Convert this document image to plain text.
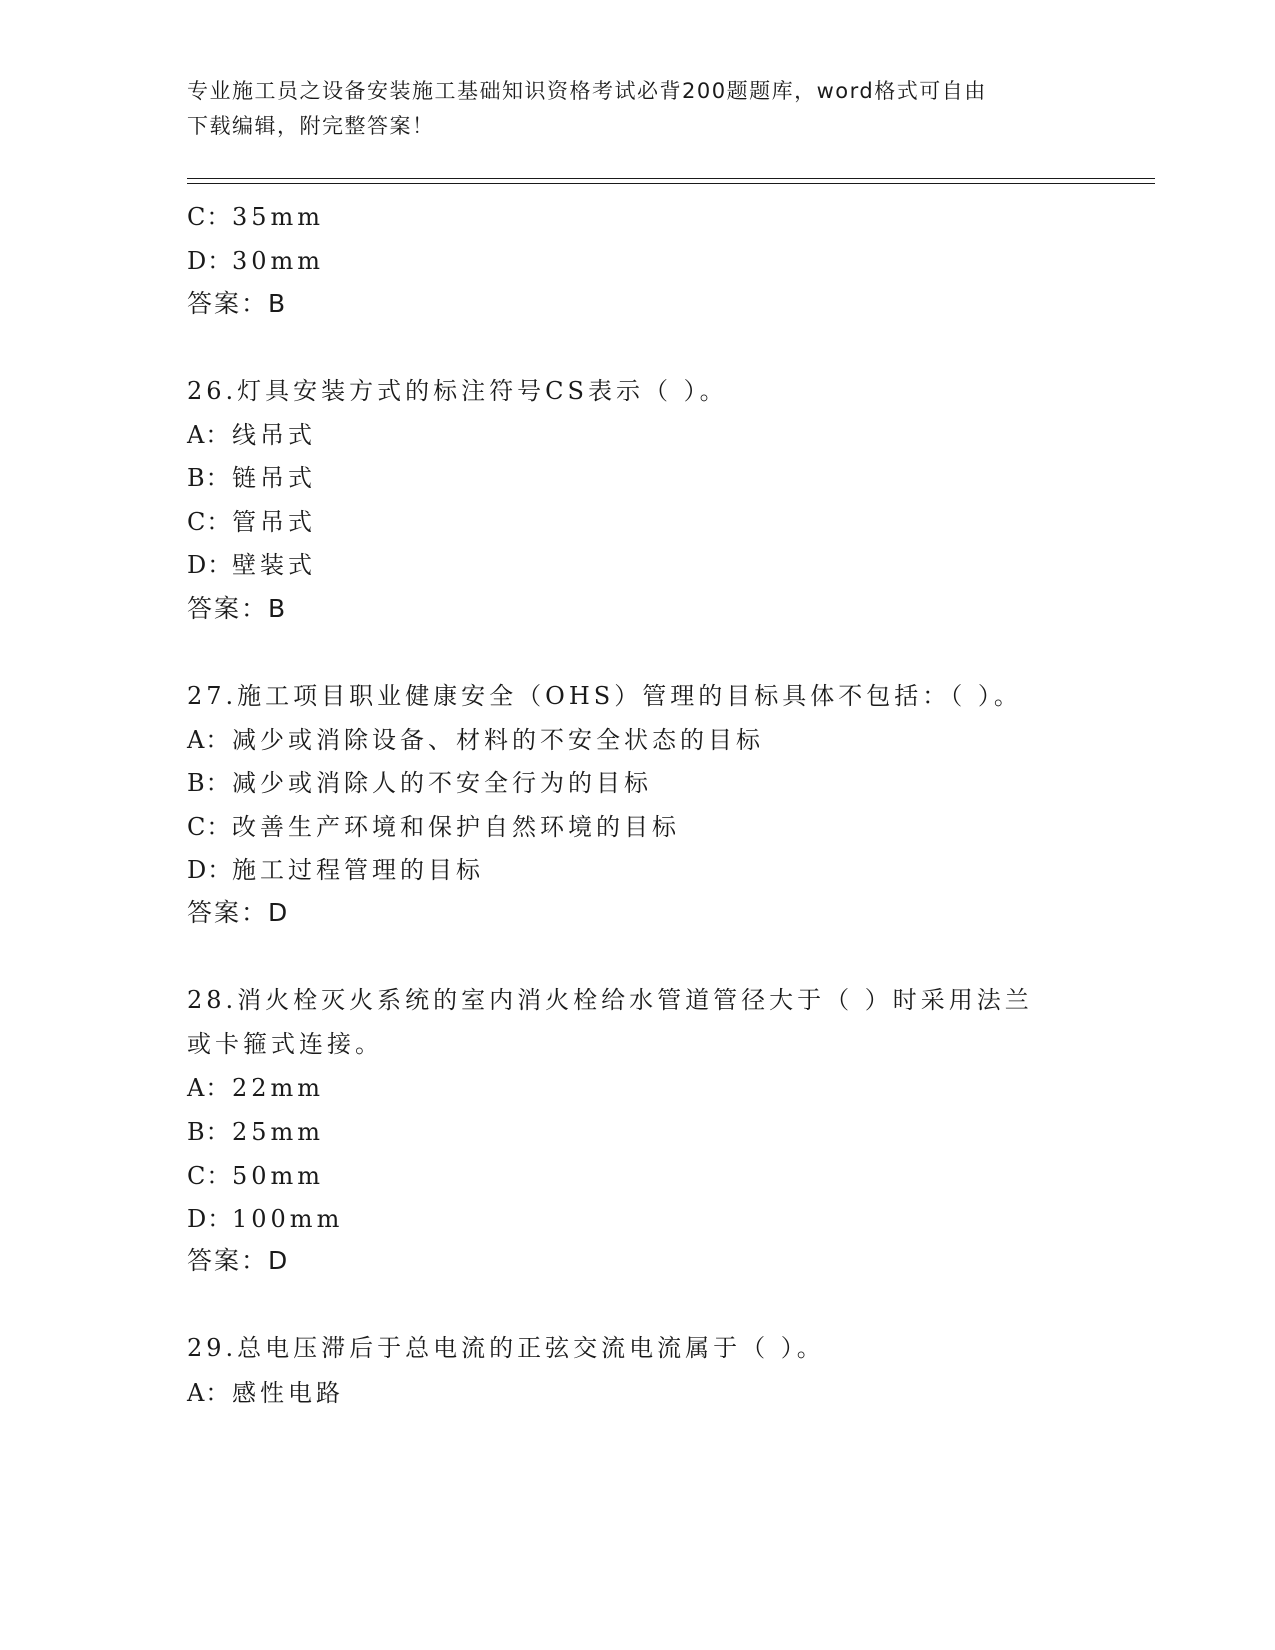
专业施工员之设备安装施工基础知识资格考试必背200题题库，word格式可自由
下载编辑，附完整答案！
C：35mm
D：30mm
答案：B
26.灯具安装方式的标注符号CS表示（ ）。
A：线吊式
B：链吊式
C：管吊式
D：壁装式
答案：B
27.施工项目职业健康安全（OHS）管理的目标具体不包括：（ ）。
A：减少或消除设备、材料的不安全状态的目标
B：减少或消除人的不安全行为的目标
C：改善生产环境和保护自然环境的目标
D：施工过程管理的目标
答案：D
28.消火栓灭火系统的室内消火栓给水管道管径大于（ ）时采用法兰
或卡箍式连接。
A：22mm
B：25mm
C：50mm
D：100mm
答案：D
29.总电压滞后于总电流的正弦交流电流属于（ ）。
A：感性电路
